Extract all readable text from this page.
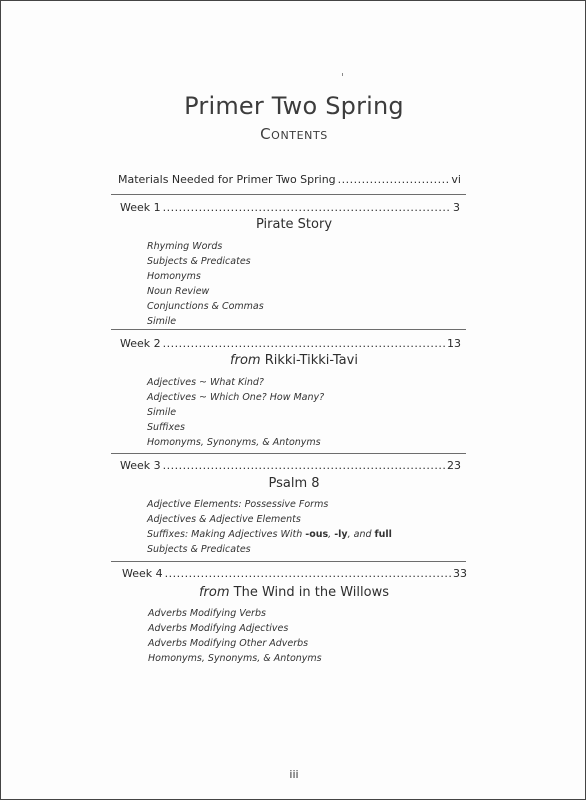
Primer Two Spring
Contents
Materials Needed for Primer Two Spring .....	vi
Week 1 .....	3
Pirate Story
Rhyming Words
Subjects & Predicates
Homonyms
Noun Review
Conjunctions & Commas
Simile
Week 2 .....	13
from Rikki-Tikki-Tavi
Adjectives ~ What Kind?
Adjectives ~ Which One? How Many?
Simile
Suffixes
Homonyms, Synonyms, & Antonyms
Week 3 .....	23
Psalm 8
Adjective Elements: Possessive Forms
Adjectives & Adjective Elements
Suffixes: Making Adjectives With -ous, -ly, and full
Subjects & Predicates
Week 4 .....	33
from The Wind in the Willows
Adverbs Modifying Verbs
Adverbs Modifying Adjectives
Adverbs Modifying Other Adverbs
Homonyms, Synonyms, & Antonyms
iii
